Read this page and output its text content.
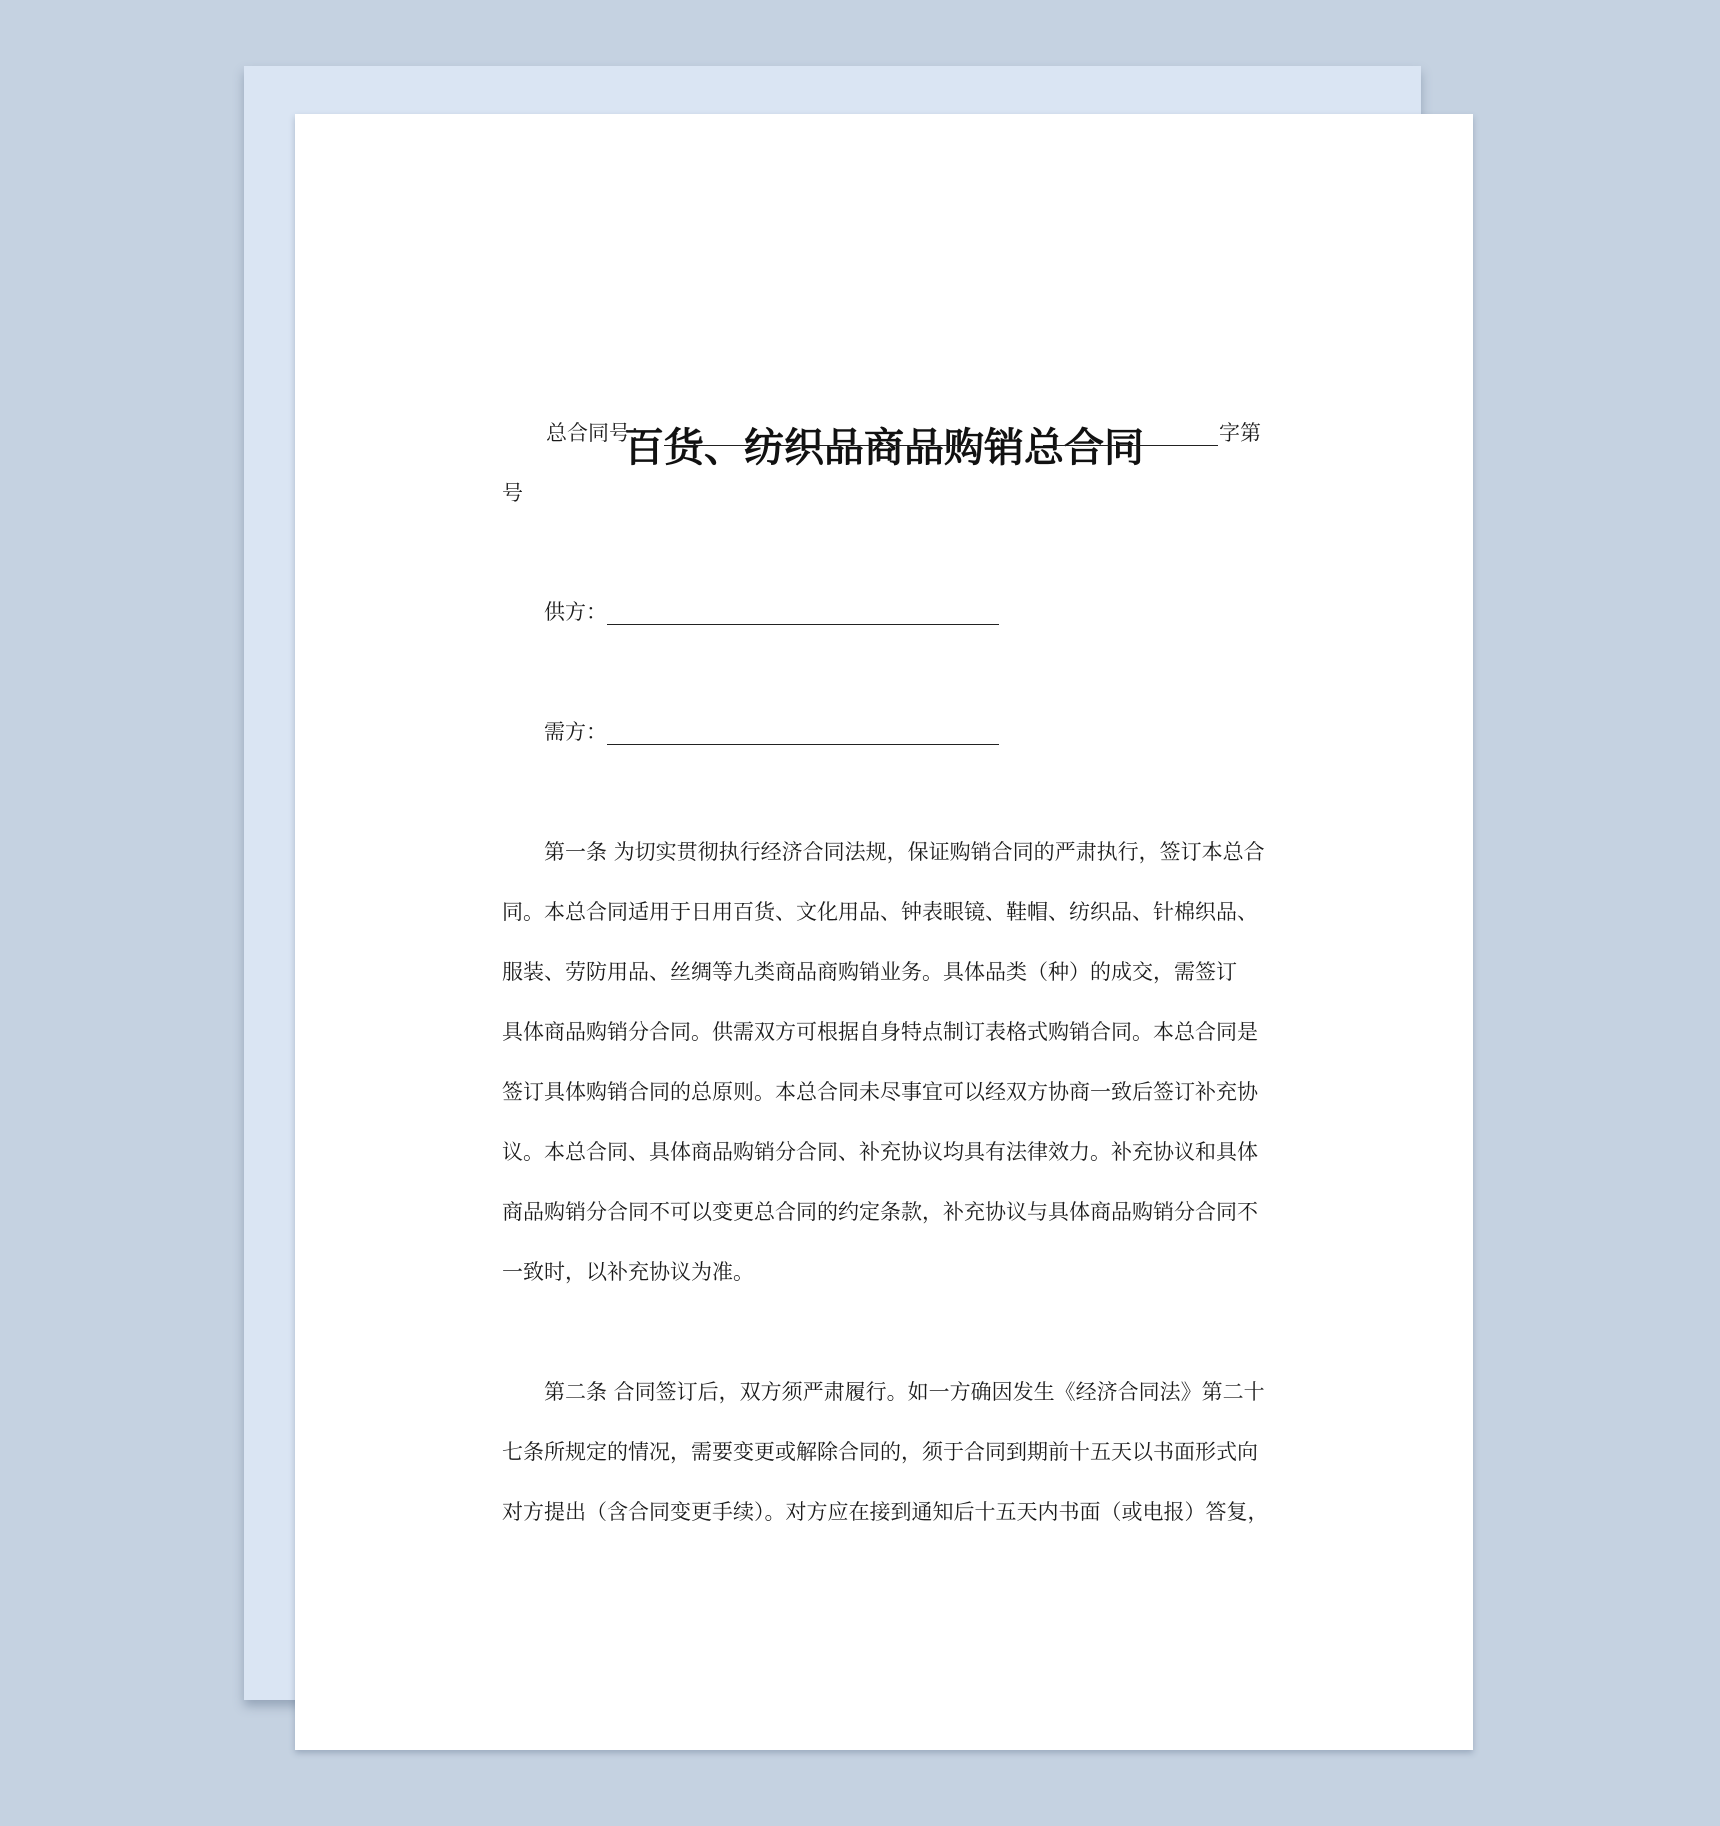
百货、纺织品商品购销总合同
总合同号：	字第
号
供方：
需方：
第一条 为切实贯彻执行经济合同法规，保证购销合同的严肃执行，签订本总合
同。本总合同适用于日用百货、文化用品、钟表眼镜、鞋帽、纺织品、针棉织品、
服装、劳防用品、丝绸等九类商品商购销业务。具体品类（种）的成交，需签订
具体商品购销分合同。供需双方可根据自身特点制订表格式购销合同。本总合同是
签订具体购销合同的总原则。本总合同未尽事宜可以经双方协商一致后签订补充协
议。本总合同、具体商品购销分合同、补充协议均具有法律效力。补充协议和具体
商品购销分合同不可以变更总合同的约定条款，补充协议与具体商品购销分合同不
一致时，以补充协议为准。
第二条 合同签订后，双方须严肃履行。如一方确因发生《经济合同法》第二十
七条所规定的情况，需要变更或解除合同的，须于合同到期前十五天以书面形式向
对方提出（含合同变更手续）。对方应在接到通知后十五天内书面（或电报）答复，
